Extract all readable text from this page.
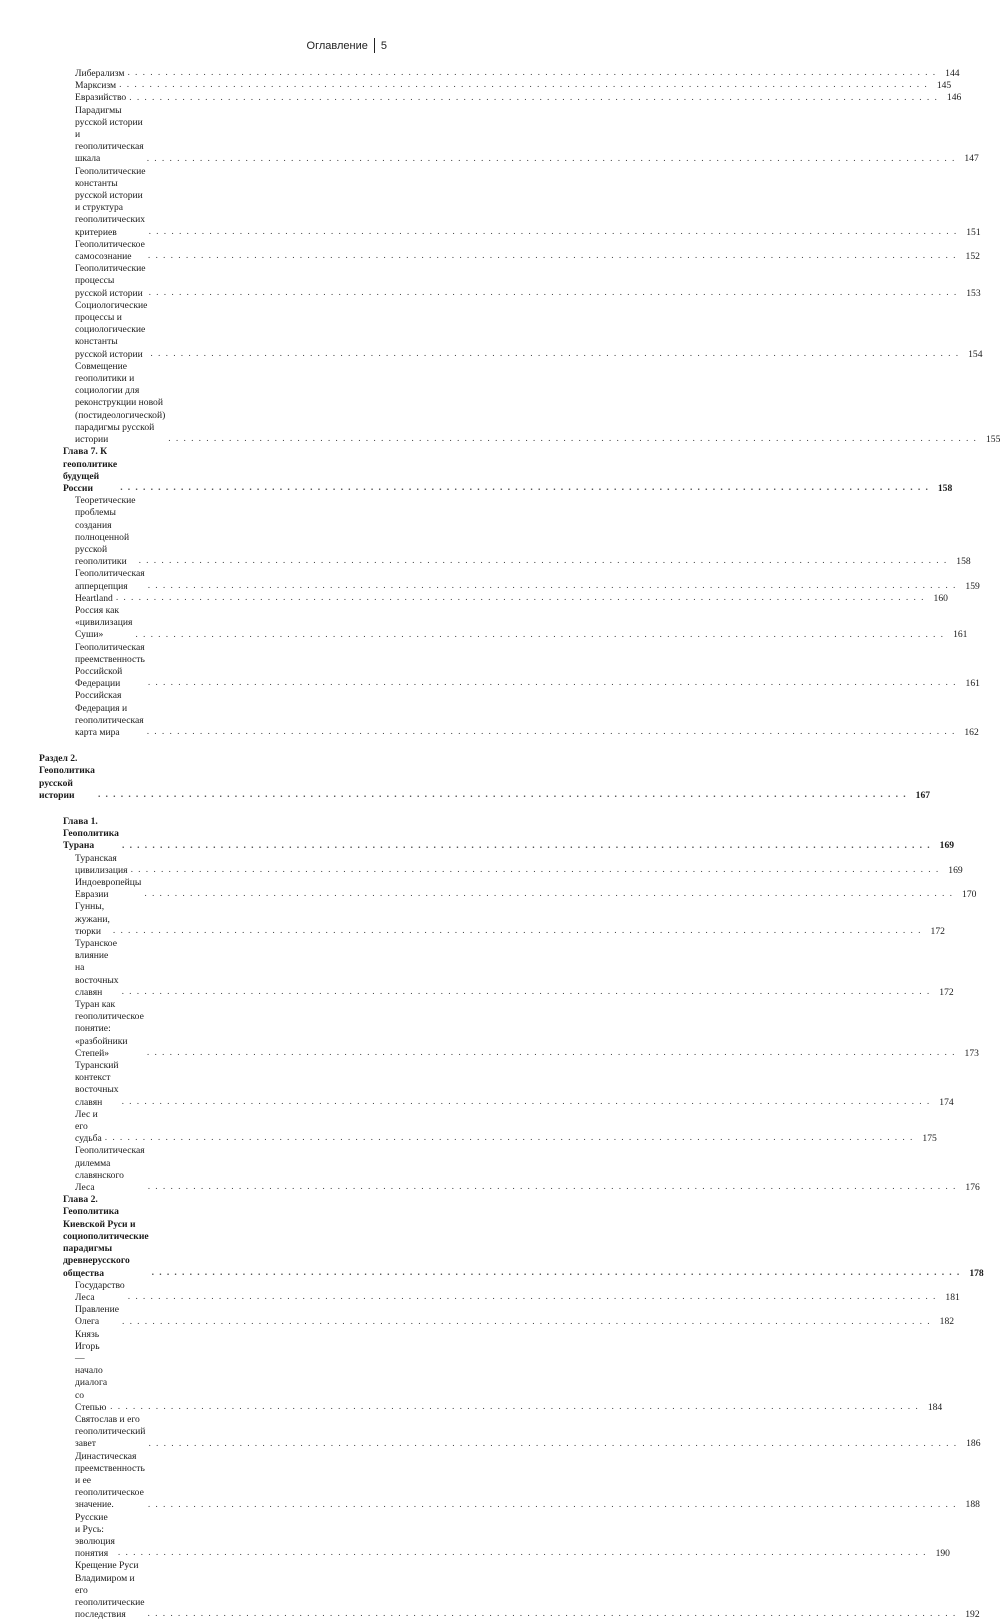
Оглавление 5
Либерализм . . .	144
Марксизм . . .	145
Евразийство . . .	146
Парадигмы русской истории и геополитическая шкала . . .	147
Геополитические константы русской истории и структура геополитических критериев . . .	151
Геополитическое самосознание . . .	152
Геополитические процессы русской истории . . .	153
Социологические процессы и социологические константы русской истории . . .	154
Совмещение геополитики и социологии для реконструкции новой (постидеологической) парадигмы русской истории . . .	155
Глава 7. К геополитике будущей России . . .	158
Теоретические проблемы создания полноценной русской геополитики . . .	158
Геополитическая апперцепция . . .	159
Heartland . . .	160
Россия как «цивилизация Суши» . . .	161
Геополитическая преемственность Российской Федерации . . .	161
Российская Федерация и геополитическая карта мира . . .	162
Раздел 2. Геополитика русской истории . . .	167
Глава 1. Геополитика Турана . . .	169
Туранская цивилизация . . .	169
Индоевропейцы Евразии . . .	170
Гунны, жужани, тюрки . . .	172
Туранское влияние на восточных славян . . .	172
Туран как геополитическое понятие: «разбойники Степей» . . .	173
Туранский контекст восточных славян . . .	174
Лес и его судьба . . .	175
Геополитическая дилемма славянского Леса . . .	176
Глава 2. Геополитика Киевской Руси и социополитические парадигмы древнерусского общества . . .	178
Государство Леса . . .	181
Правление Олега . . .	182
Князь Игорь — начало диалога со Степью . . .	184
Святослав и его геополитический завет . . .	186
Династическая преемственность и ее геополитическое значение. . . .	188
Русские и Русь: эволюция понятия . . .	190
Крещение Руси Владимиром и его геополитические последствия . . .	192
